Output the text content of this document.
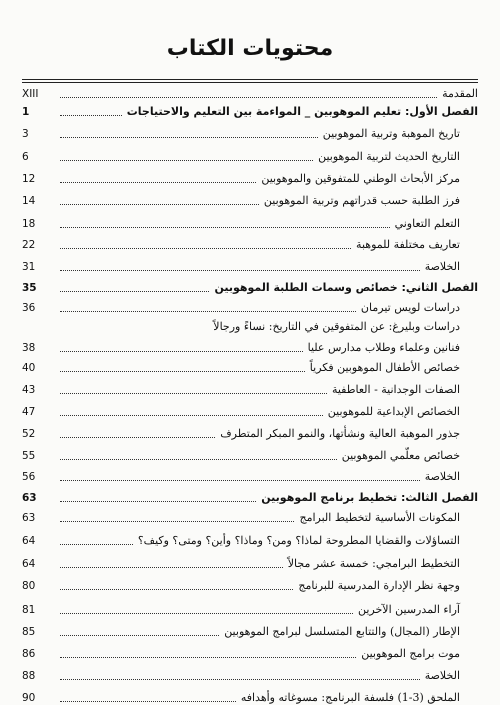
محتويات الكتاب
المقدمة
XIII
الفصل الأول: تعليم الموهوبين _ المواءمة بين التعليم والاحتياجات
1
تاريخ الموهبة وتربية الموهوبين
3
التاريخ الحديث لتربية الموهوبين
6
مركز الأبحاث الوطني للمتفوقين والموهوبين
12
فرز الطلبة حسب قدراتهم وتربية الموهوبين
14
التعلم التعاوني
18
تعاريف مختلفة للموهبة
22
الخلاصة
31
الفصل الثاني: خصائص وسمات الطلبة الموهوبين
35
دراسات لويس تيرمان
36
دراسات وبليرغ: عن المتفوقين في التاريخ: نساءً ورجالاً
فنانين وعلماء وطلاب مدارس عليا
38
خصائص الأطفال الموهوبين فكرياً
40
الصفات الوجدانية - العاطفية
43
الخصائص الإبداعية للموهوبين
47
جذور الموهبة العالية ونشأتها، والنمو المبكر المتطرف
52
خصائص معلّمي الموهوبين
55
الخلاصة
56
الفصل الثالث: تخطيط برنامج الموهوبين
63
المكونات الأساسية لتخطيط البرامج
63
التساؤلات والقضايا المطروحة لماذا؟ ومن؟ وماذا؟ وأين؟ ومتى؟ وكيف؟
64
التخطيط البرامجي: خمسة عشر مجالاً
64
وجهة نظر الإدارة المدرسية للبرنامج
80
آراء المدرسين الآخرين
81
الإطار (المجال) والتتابع المتسلسل لبرامج الموهوبين
85
موت برامج الموهوبين
86
الخلاصة
88
الملحق (3-1) فلسفة البرنامج: مسوغاته وأهدافه
90
